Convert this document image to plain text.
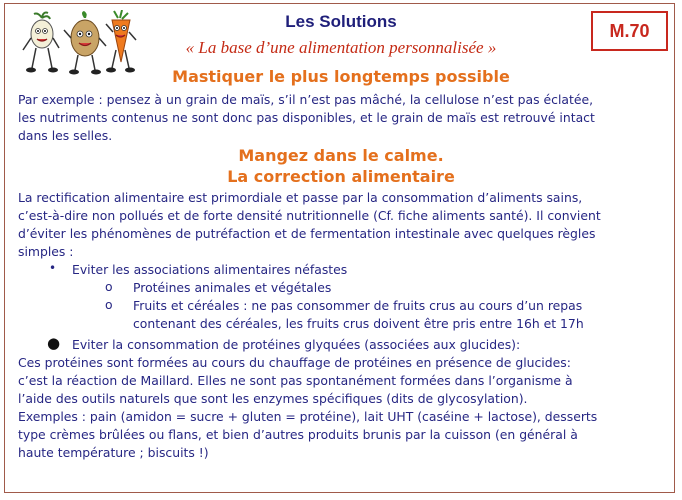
Les Solutions
« La base d’une alimentation personnalisée »
M.70
Mastiquer le plus longtemps possible
Par exemple : pensez à un grain de maïs, s’il n’est pas mâché, la cellulose n’est pas éclatée,
les nutriments contenus ne sont donc pas disponibles, et le grain de maïs est retrouvé intact
dans les selles.
Mangez dans le calme.
La correction alimentaire
La rectification alimentaire est primordiale et passe par la consommation d’aliments sains,
c’est-à-dire non pollués et de forte densité nutritionnelle (Cf. fiche aliments santé). Il convient
d’éviter les phénomènes de putréfaction et de fermentation intestinale avec quelques règles
simples :
• Eviter les associations alimentaires néfastes
o Protéines animales et végétales
o Fruits et céréales : ne pas consommer de fruits crus au cours d’un repas
contenant des céréales, les fruits crus doivent être pris entre 16h et 17h
● Eviter la consommation de protéines glyquées (associées aux glucides):
Ces protéines sont formées au cours du chauffage de protéines en présence de glucides:
c’est la réaction de Maillard. Elles ne sont pas spontanément formées dans l’organisme à
l’aide des outils naturels que sont les enzymes spécifiques (dits de glycosylation).
Exemples : pain (amidon = sucre + gluten = protéine), lait UHT (caséine + lactose), desserts
type crèmes brûlées ou flans, et bien d’autres produits brunis par la cuisson (en général à
haute température ; biscuits !)
